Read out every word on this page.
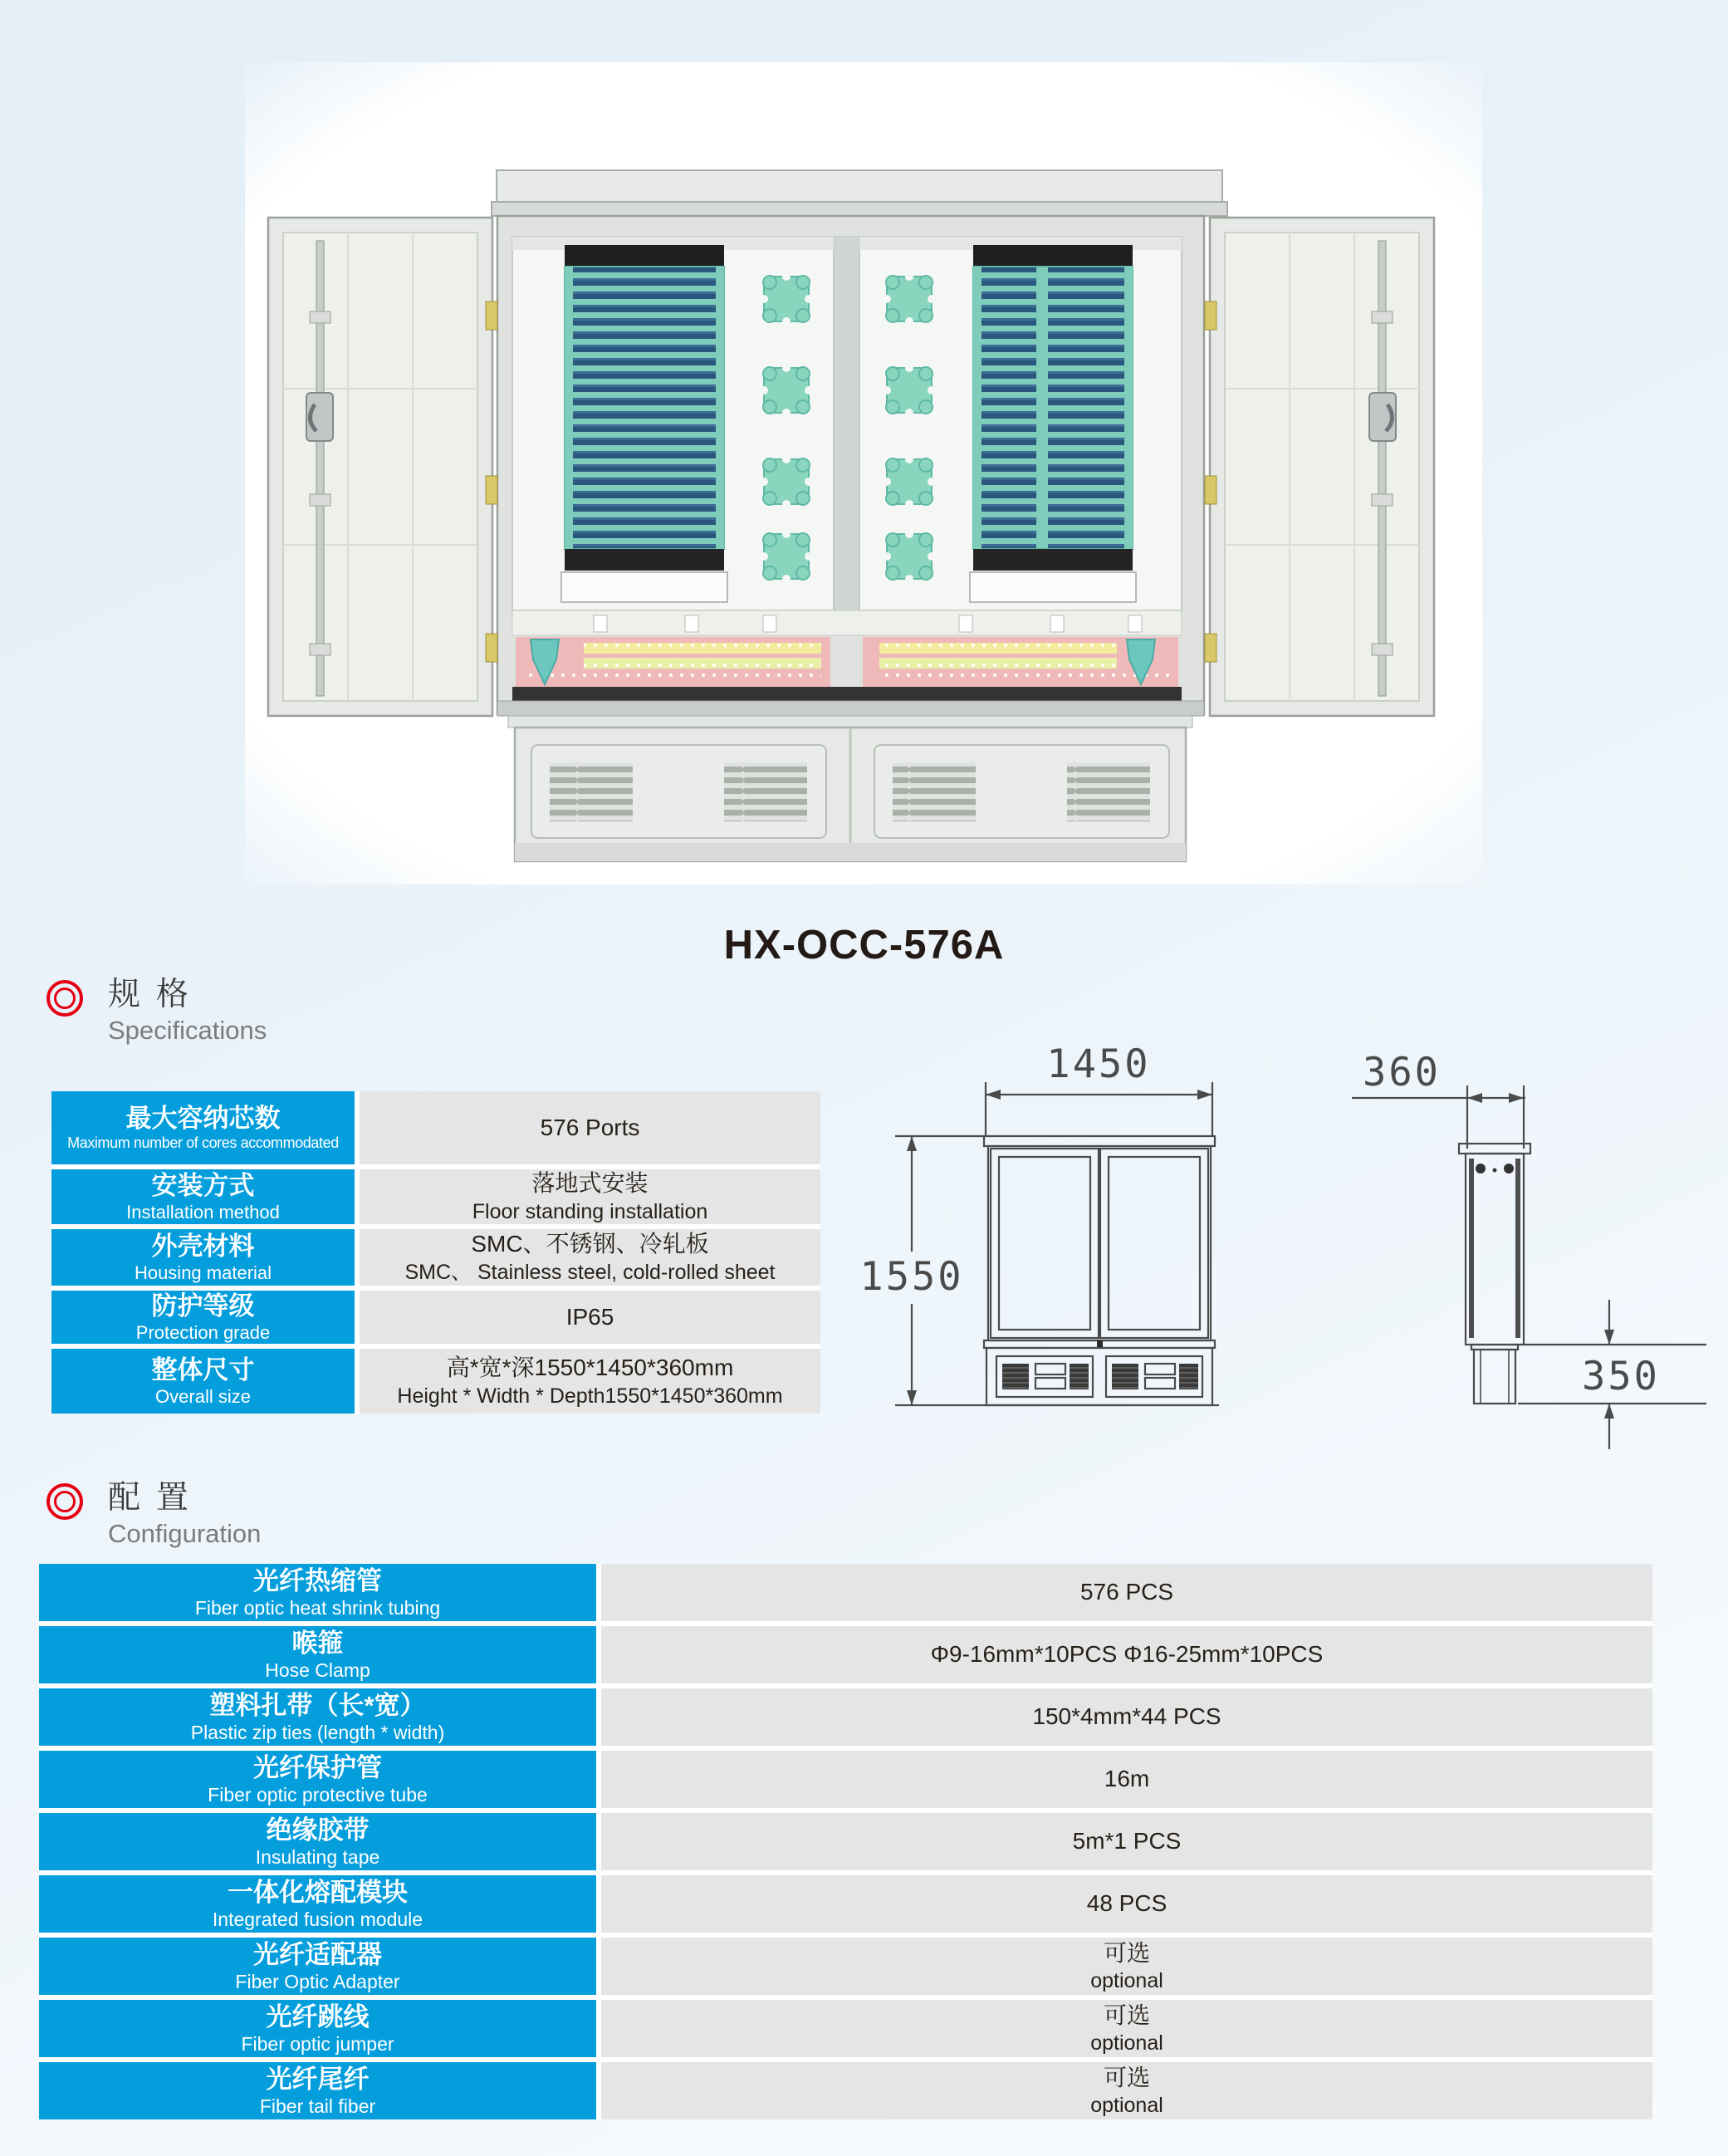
HX-OCC-576A
规 格
Specifications
最大容纳芯数
Maximum number of cores accommodated
576 Ports
安装方式
Installation method
落地式安装
Floor standing installation
外壳材料
Housing material
SMC、不锈钢、冷轧板
SMC、 Stainless steel, cold-rolled sheet
防护等级
Protection grade
IP65
整体尺寸
Overall size
高*宽*深1550*1450*360mm
Height * Width * Depth1550*1450*360mm
1450
1550
360
350
配 置
Configuration
光纤热缩管
Fiber optic heat shrink tubing
576 PCS
喉箍
Hose Clamp
Φ9-16mm*10PCS Φ16-25mm*10PCS
塑料扎带（长*宽）
Plastic zip ties (length * width)
150*4mm*44 PCS
光纤保护管
Fiber optic protective tube
16m
绝缘胶带
Insulating tape
5m*1 PCS
一体化熔配模块
Integrated fusion module
48 PCS
光纤适配器
Fiber Optic Adapter
可选
optional
光纤跳线
Fiber optic jumper
可选
optional
光纤尾纤
Fiber tail fiber
可选
optional
